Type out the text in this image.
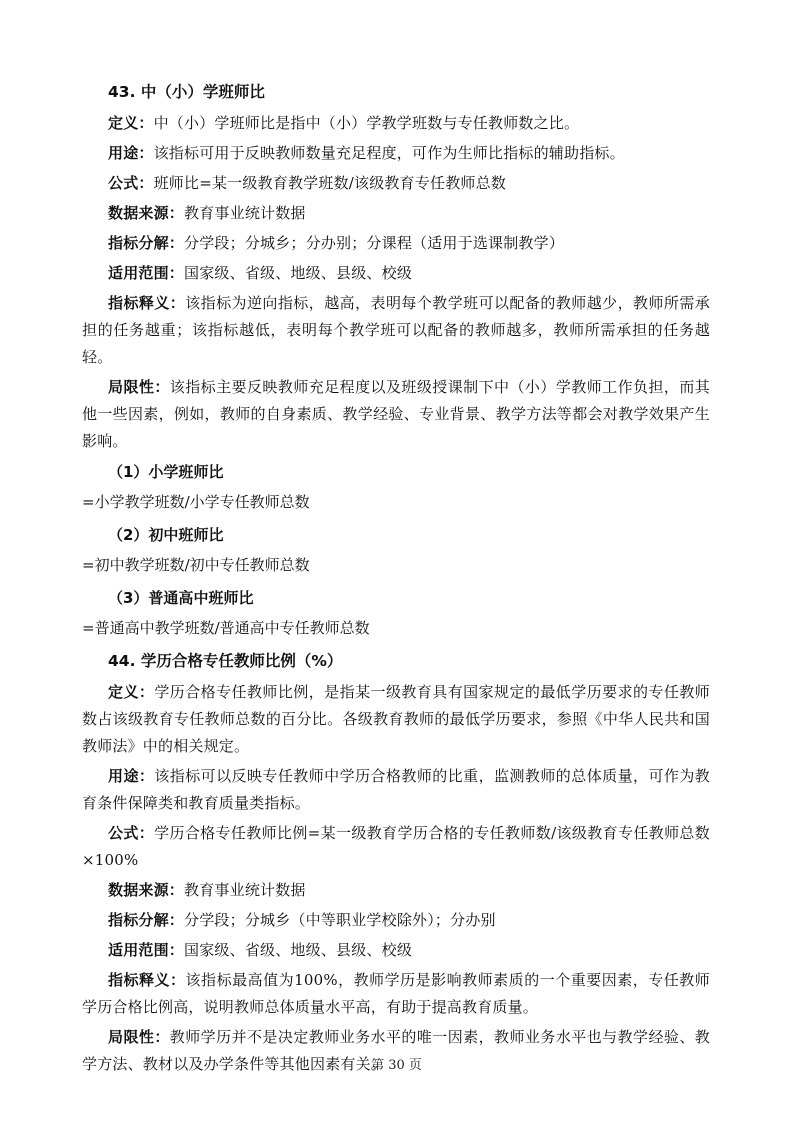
43. 中（小）学班师比

定义：中（小）学班师比是指中（小）学教学班数与专任教师数之比。

用途：该指标可用于反映教师数量充足程度，可作为生师比指标的辅助指标。

公式：班师比=某一级教育教学班数/该级教育专任教师总数

数据来源：教育事业统计数据

指标分解：分学段；分城乡；分办别；分课程（适用于选课制教学）

适用范围：国家级、省级、地级、县级、校级

指标释义：该指标为逆向指标，越高，表明每个教学班可以配备的教师越少，教师所需承担的任务越重；该指标越低，表明每个教学班可以配备的教师越多，教师所需承担的任务越轻。

局限性：该指标主要反映教师充足程度以及班级授课制下中（小）学教师工作负担，而其他一些因素，例如，教师的自身素质、教学经验、专业背景、教学方法等都会对教学效果产生影响。

（1）小学班师比
=小学教学班数/小学专任教师总数
（2）初中班师比
=初中教学班数/初中专任教师总数
（3）普通高中班师比
=普通高中教学班数/普通高中专任教师总数
44. 学历合格专任教师比例（%）

定义：学历合格专任教师比例，是指某一级教育具有国家规定的最低学历要求的专任教师数占该级教育专任教师总数的百分比。各级教育教师的最低学历要求，参照《中华人民共和国教师法》中的相关规定。

用途：该指标可以反映专任教师中学历合格教师的比重，监测教师的总体质量，可作为教育条件保障类和教育质量类指标。

公式：学历合格专任教师比例=某一级教育学历合格的专任教师数/该级教育专任教师总数×100%

数据来源：教育事业统计数据

指标分解：分学段；分城乡（中等职业学校除外）；分办别

适用范围：国家级、省级、地级、县级、校级

指标释义：该指标最高值为100%，教师学历是影响教师素质的一个重要因素，专任教师学历合格比例高，说明教师总体质量水平高，有助于提高教育质量。

局限性：教师学历并不是决定教师业务水平的唯一因素，教师业务水平也与教学经验、教学方法、教材以及办学条件等其他因素有关。

第 30 页
